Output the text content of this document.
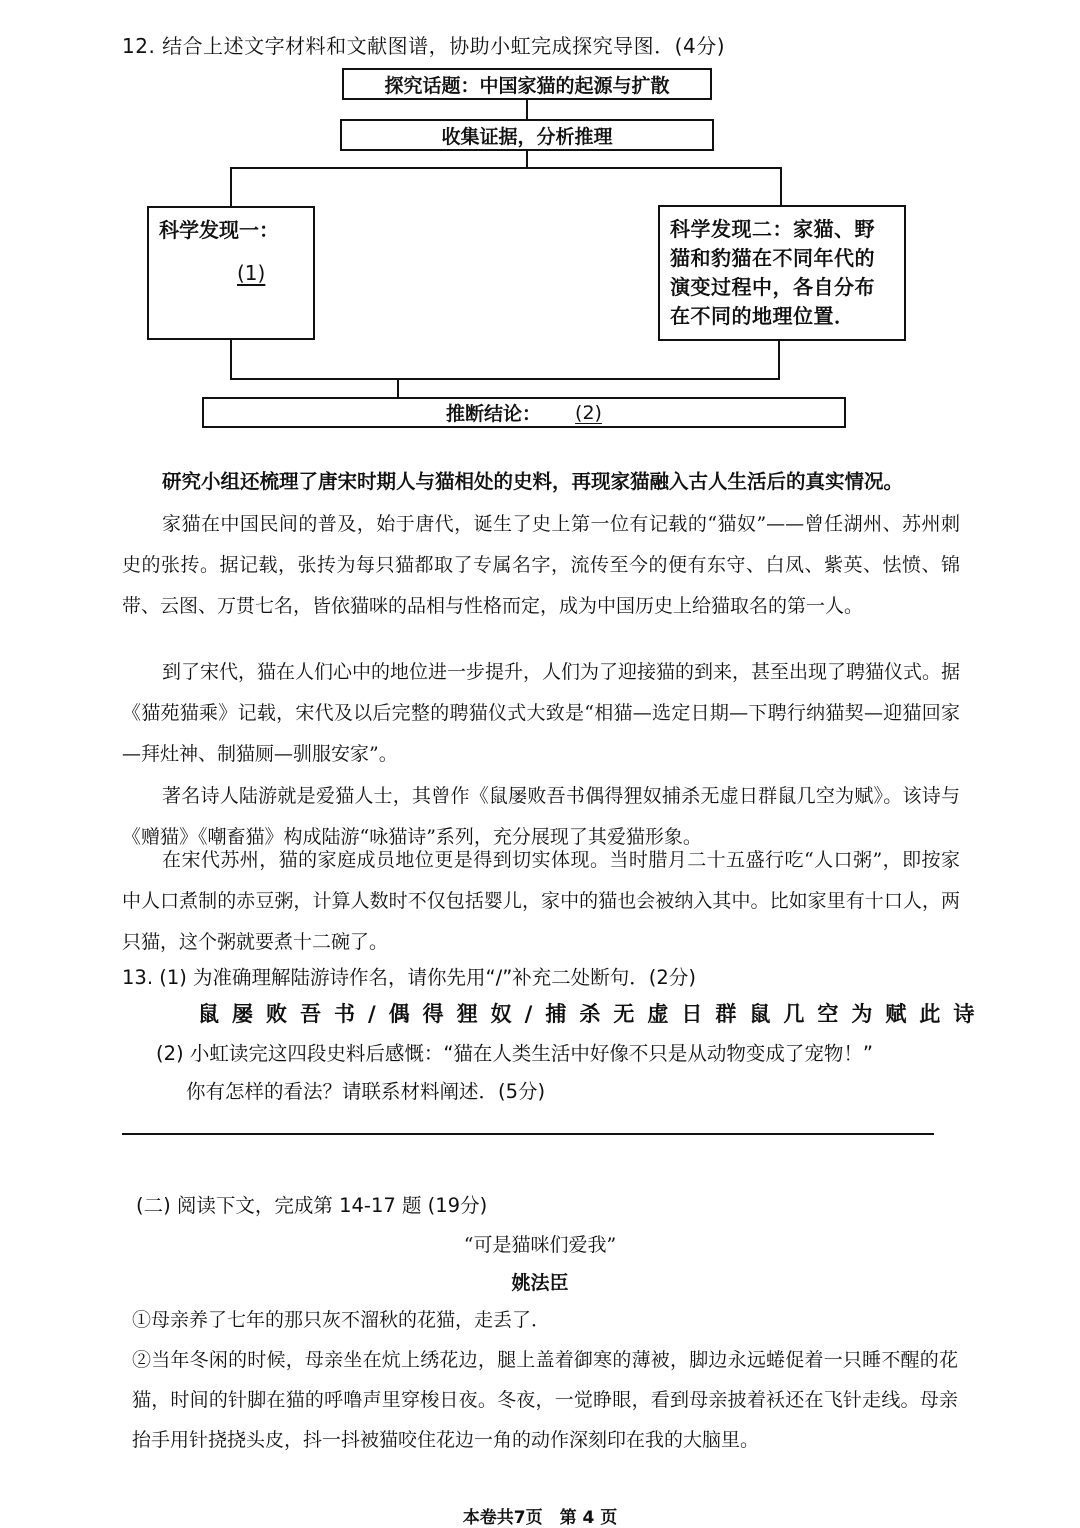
12. 结合上述文字材料和文献图谱，协助小虹完成探究导图．(4分)
探究话题：中国家猫的起源与扩散
收集证据，分析推理
科学发现一：
(1)
科学发现二：家猫、野猫和豹猫在不同年代的演变过程中，各自分布在不同的地理位置．
推断结论： (2)
研究小组还梳理了唐宋时期人与猫相处的史料，再现家猫融入古人生活后的真实情况。
家猫在中国民间的普及，始于唐代，诞生了史上第一位有记载的“猫奴”——曾任湖州、苏州刺史的张抟。据记载，张抟为每只猫都取了专属名字，流传至今的便有东守、白凤、紫英、怯愤、锦带、云图、万贯七名，皆依猫咪的品相与性格而定，成为中国历史上给猫取名的第一人。
到了宋代，猫在人们心中的地位进一步提升，人们为了迎接猫的到来，甚至出现了聘猫仪式。据《猫苑猫乘》记载，宋代及以后完整的聘猫仪式大致是“相猫—选定日期—下聘行纳猫契—迎猫回家—拜灶神、制猫厕—驯服安家”。
著名诗人陆游就是爱猫人士，其曾作《鼠屡败吾书偶得狸奴捕杀无虚日群鼠几空为赋》。该诗与《赠猫》《嘲畜猫》构成陆游“咏猫诗”系列，充分展现了其爱猫形象。
在宋代苏州，猫的家庭成员地位更是得到切实体现。当时腊月二十五盛行吃“人口粥”，即按家中人口煮制的赤豆粥，计算人数时不仅包括婴儿，家中的猫也会被纳入其中。比如家里有十口人，两只猫，这个粥就要煮十二碗了。
13. (1) 为准确理解陆游诗作名，请你先用“/”补充二处断句．(2分)
鼠屡败吾书/偶得狸奴/捕杀无虚日群鼠几空为赋此诗
(2) 小虹读完这四段史料后感慨：“猫在人类生活中好像不只是从动物变成了宠物！”
你有怎样的看法？请联系材料阐述．(5分)
(二) 阅读下文，完成第 14-17 题 (19分)
“可是猫咪们爱我”
姚法臣
①母亲养了七年的那只灰不溜秋的花猫，走丢了．
②当年冬闲的时候，母亲坐在炕上绣花边，腿上盖着御寒的薄被，脚边永远蜷促着一只睡不醒的花猫，时间的针脚在猫的呼噜声里穿梭日夜。冬夜，一觉睁眼，看到母亲披着袄还在飞针走线。母亲抬手用针挠挠头皮，抖一抖被猫咬住花边一角的动作深刻印在我的大脑里。
本卷共7页　第 4 页
